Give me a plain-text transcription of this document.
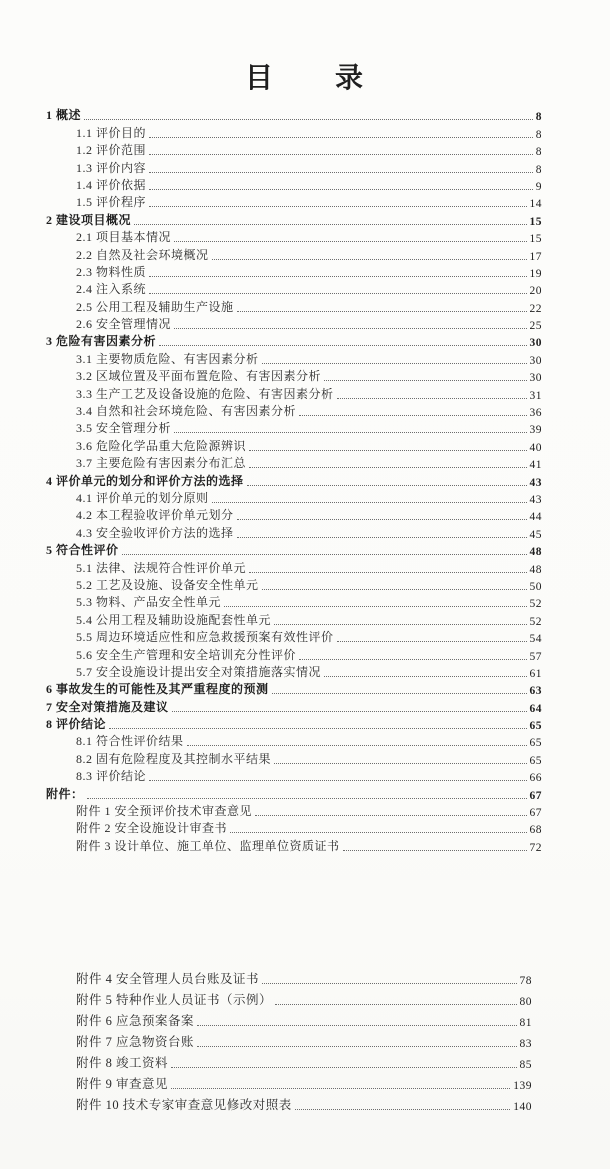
目　　录
1 概述	8
1.1 评价目的	8
1.2 评价范围	8
1.3 评价内容	8
1.4 评价依据	9
1.5 评价程序	14
2 建设项目概况	15
2.1 项目基本情况	15
2.2 自然及社会环境概况	17
2.3 物料性质	19
2.4 注入系统	20
2.5 公用工程及辅助生产设施	22
2.6 安全管理情况	25
3 危险有害因素分析	30
3.1 主要物质危险、有害因素分析	30
3.2 区域位置及平面布置危险、有害因素分析	30
3.3 生产工艺及设备设施的危险、有害因素分析	31
3.4 自然和社会环境危险、有害因素分析	36
3.5 安全管理分析	39
3.6 危险化学品重大危险源辨识	40
3.7 主要危险有害因素分布汇总	41
4 评价单元的划分和评价方法的选择	43
4.1 评价单元的划分原则	43
4.2 本工程验收评价单元划分	44
4.3 安全验收评价方法的选择	45
5 符合性评价	48
5.1 法律、法规符合性评价单元	48
5.2 工艺及设施、设备安全性单元	50
5.3 物料、产品安全性单元	52
5.4 公用工程及辅助设施配套性单元	52
5.5 周边环境适应性和应急救援预案有效性评价	54
5.6 安全生产管理和安全培训充分性评价	57
5.7 安全设施设计提出安全对策措施落实情况	61
6 事故发生的可能性及其严重程度的预测	63
7 安全对策措施及建议	64
8 评价结论	65
8.1 符合性评价结果	65
8.2 固有危险程度及其控制水平结果	65
8.3 评价结论	66
附件：	67
附件 1 安全预评价技术审查意见	67
附件 2 安全设施设计审查书	68
附件 3 设计单位、施工单位、监理单位资质证书	72
附件 4 安全管理人员台账及证书	78
附件 5 特种作业人员证书（示例）	80
附件 6 应急预案备案	81
附件 7 应急物资台账	83
附件 8 竣工资料	85
附件 9 审查意见	139
附件 10 技术专家审查意见修改对照表	140
